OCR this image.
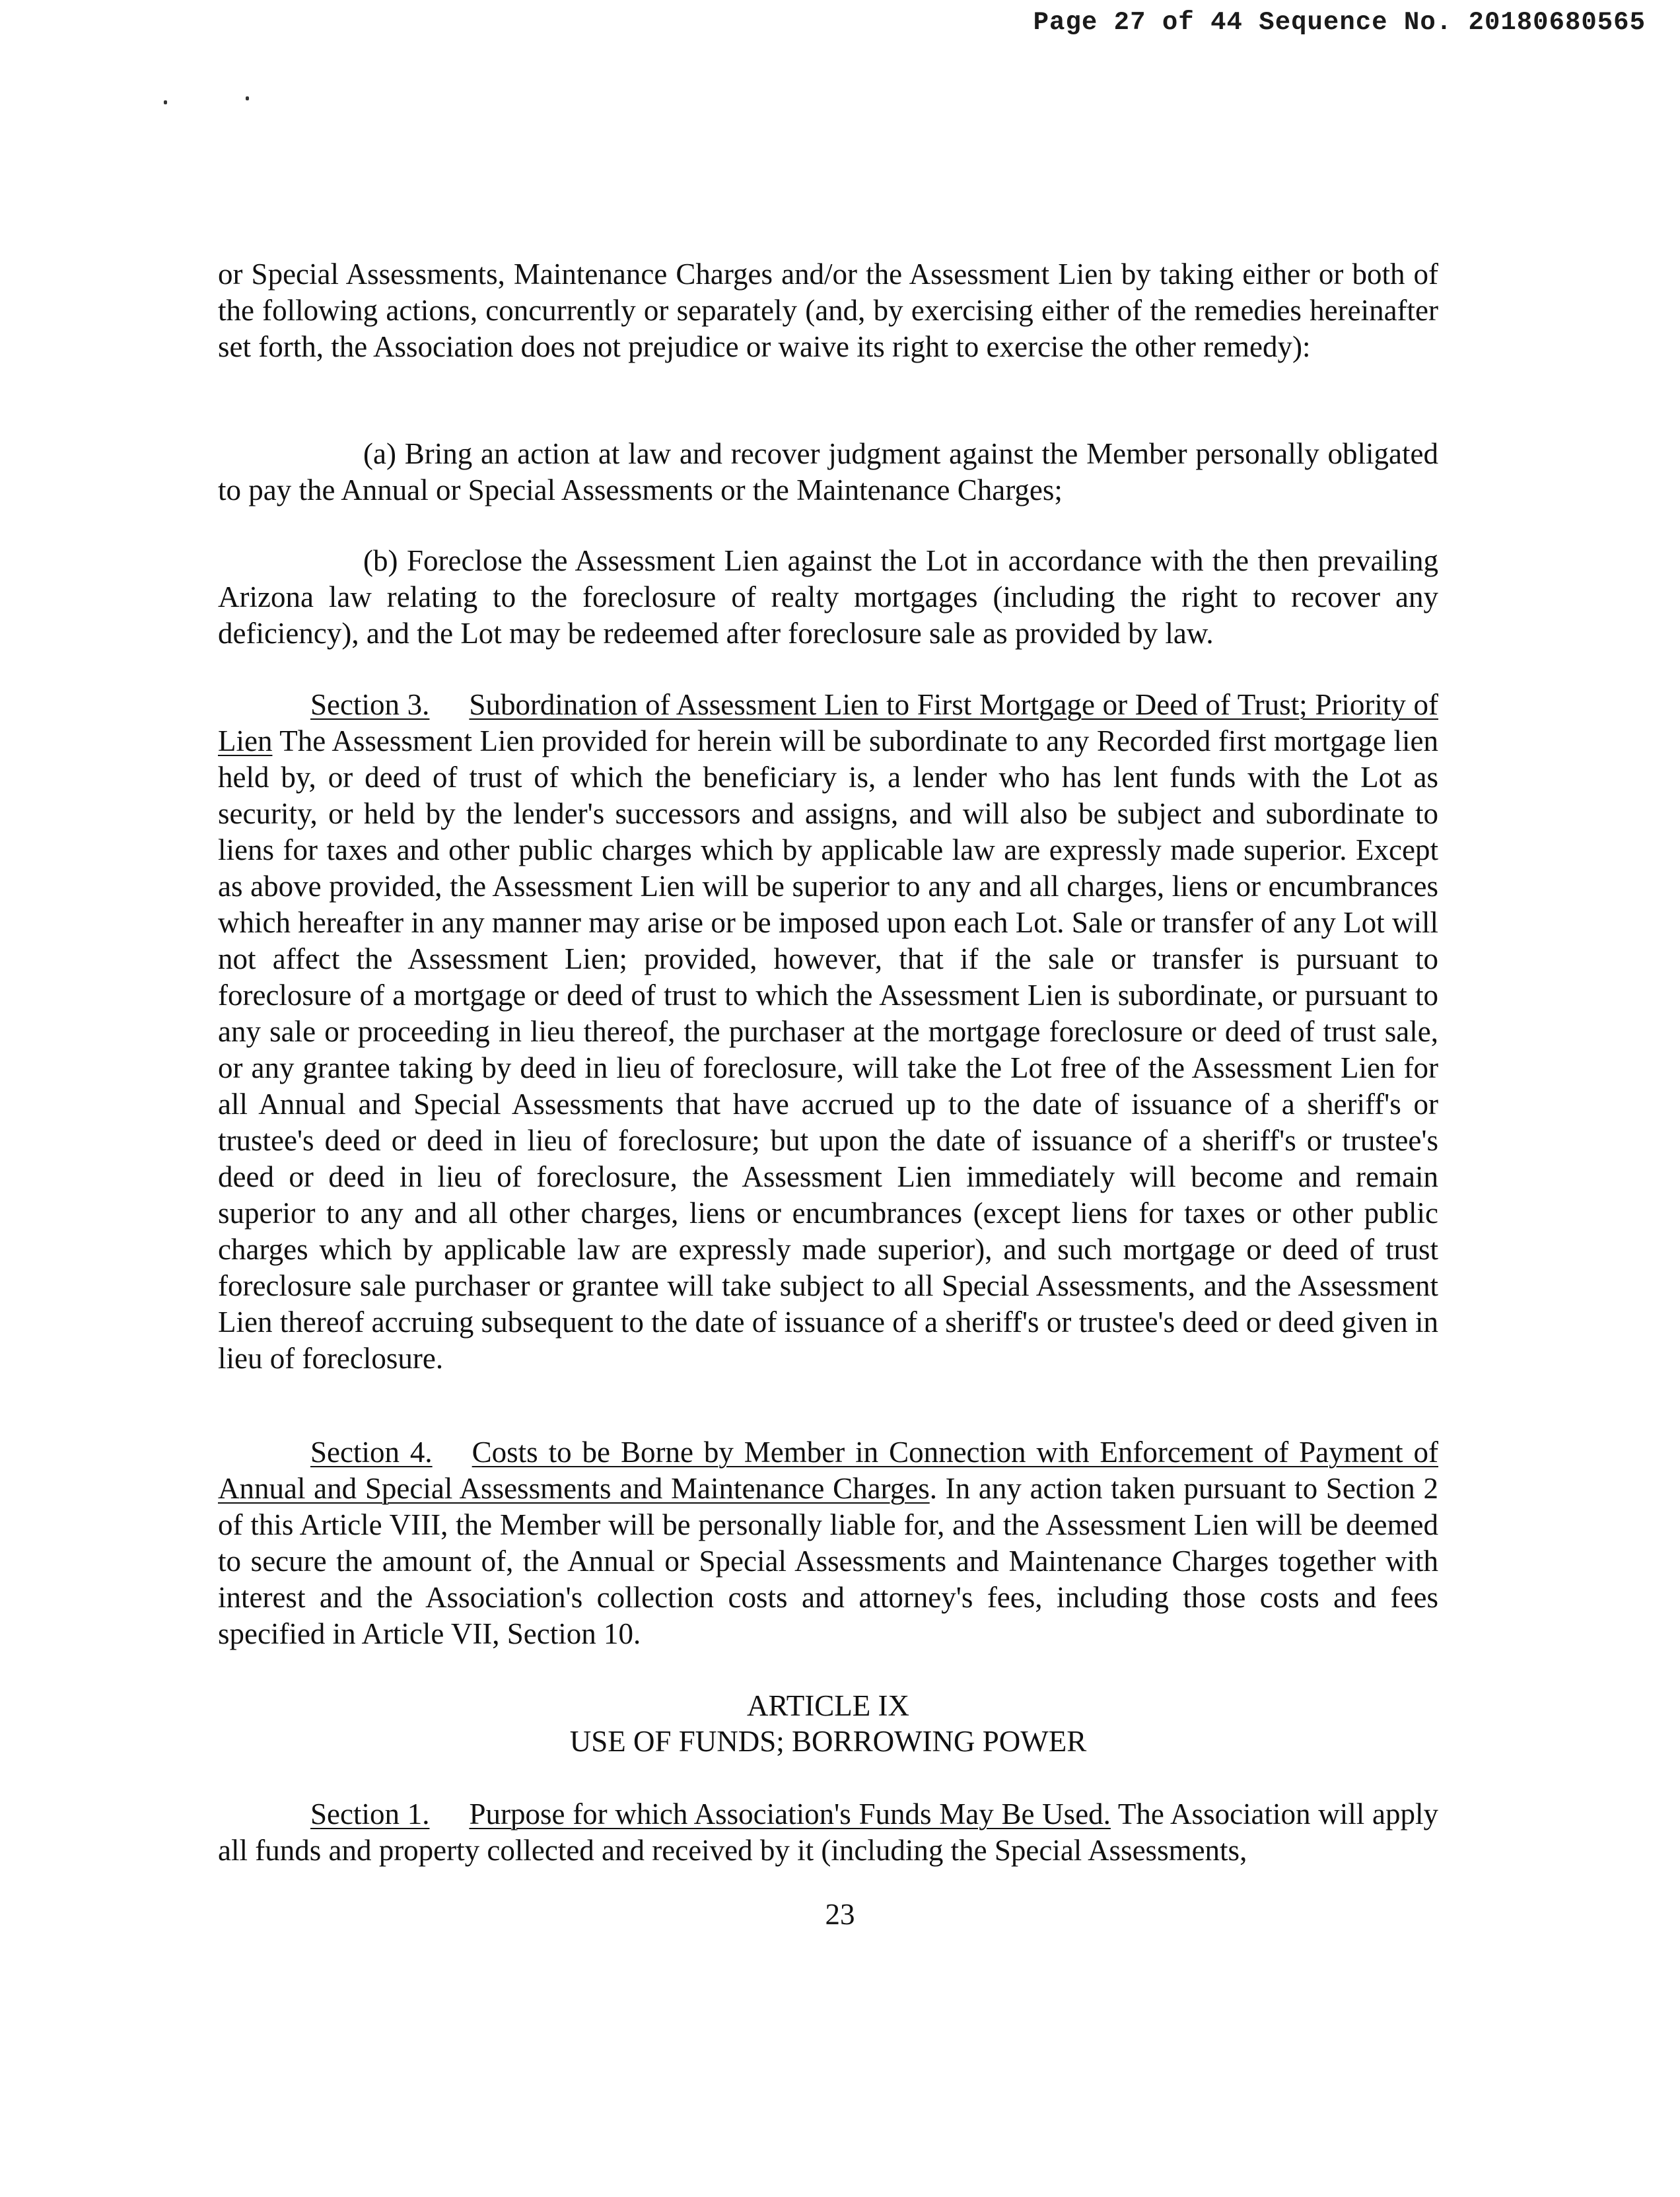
Page 27 of 44 Sequence No. 20180680565

or Special Assessments, Maintenance Charges and/or the Assessment Lien by taking either or both of the following actions, concurrently or separately (and, by exercising either of the remedies hereinafter set forth, the Association does not prejudice or waive its right to exercise the other remedy):

(a) Bring an action at law and recover judgment against the Member personally obligated to pay the Annual or Special Assessments or the Maintenance Charges;

(b) Foreclose the Assessment Lien against the Lot in accordance with the then prevailing Arizona law relating to the foreclosure of realty mortgages (including the right to recover any deficiency), and the Lot may be redeemed after foreclosure sale as provided by law.

Section 3. Subordination of Assessment Lien to First Mortgage or Deed of Trust; Priority of Lien The Assessment Lien provided for herein will be subordinate to any Recorded first mortgage lien held by, or deed of trust of which the beneficiary is, a lender who has lent funds with the Lot as security, or held by the lender's successors and assigns, and will also be subject and subordinate to liens for taxes and other public charges which by applicable law are expressly made superior. Except as above provided, the Assessment Lien will be superior to any and all charges, liens or encumbrances which hereafter in any manner may arise or be imposed upon each Lot. Sale or transfer of any Lot will not affect the Assessment Lien; provided, however, that if the sale or transfer is pursuant to foreclosure of a mortgage or deed of trust to which the Assessment Lien is subordinate, or pursuant to any sale or proceeding in lieu thereof, the purchaser at the mortgage foreclosure or deed of trust sale, or any grantee taking by deed in lieu of foreclosure, will take the Lot free of the Assessment Lien for all Annual and Special Assessments that have accrued up to the date of issuance of a sheriff's or trustee's deed or deed in lieu of foreclosure; but upon the date of issuance of a sheriff's or trustee's deed or deed in lieu of foreclosure, the Assessment Lien immediately will become and remain superior to any and all other charges, liens or encumbrances (except liens for taxes or other public charges which by applicable law are expressly made superior), and such mortgage or deed of trust foreclosure sale purchaser or grantee will take subject to all Special Assessments, and the Assessment Lien thereof accruing subsequent to the date of issuance of a sheriff's or trustee's deed or deed given in lieu of foreclosure.

Section 4. Costs to be Borne by Member in Connection with Enforcement of Payment of Annual and Special Assessments and Maintenance Charges. In any action taken pursuant to Section 2 of this Article VIII, the Member will be personally liable for, and the Assessment Lien will be deemed to secure the amount of, the Annual or Special Assessments and Maintenance Charges together with interest and the Association's collection costs and attorney's fees, including those costs and fees specified in Article VII, Section 10.

ARTICLE IX
USE OF FUNDS; BORROWING POWER

Section 1. Purpose for which Association's Funds May Be Used. The Association will apply all funds and property collected and received by it (including the Special Assessments,

23
